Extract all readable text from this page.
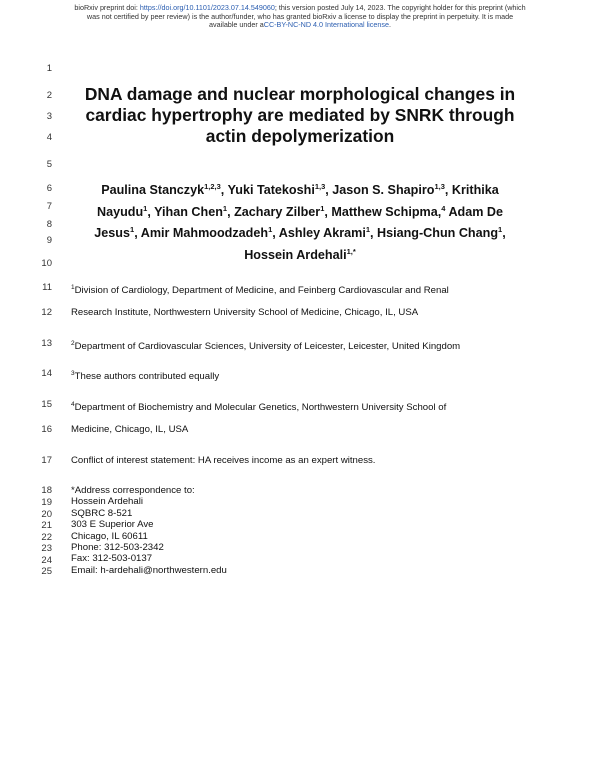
bioRxiv preprint doi: https://doi.org/10.1101/2023.07.14.549060; this version posted July 14, 2023. The copyright holder for this preprint (which
was not certified by peer review) is the author/funder, who has granted bioRxiv a license to display the preprint in perpetuity. It is made
available under aCC-BY-NC-ND 4.0 International license.
1
2
3
4
5
6
7
8
9
10
11
12
13
14
15
16
17
18
19
20
21
22
23
24
25
DNA damage and nuclear morphological changes in
cardiac hypertrophy are mediated by SNRK through
actin depolymerization
Paulina Stanczyk$^{1,2,3}$, Yuki Tatekoshi$^{1,3}$, Jason S. Shapiro$^{1,3}$, Krithika
Nayudu$^1$, Yihan Chen$^1$, Zachary Zilber$^1$, Matthew Schipma,$^4$ Adam De
Jesus$^1$, Amir Mahmoodzadeh$^1$, Ashley Akrami$^1$, Hsiang-Chun Chang$^1$,
Hossein Ardehali$^{1,*}$
$^1$Division of Cardiology, Department of Medicine, and Feinberg Cardiovascular and Renal
Research Institute, Northwestern University School of Medicine, Chicago, IL, USA
$^2$Department of Cardiovascular Sciences, University of Leicester, Leicester, United Kingdom
$^3$These authors contributed equally
$^4$Department of Biochemistry and Molecular Genetics, Northwestern University School of
Medicine, Chicago, IL, USA
Conflict of interest statement: HA receives income as an expert witness.
*Address correspondence to:
Hossein Ardehali
SQBRC 8-521
303 E Superior Ave
Chicago, IL 60611
Phone: 312-503-2342
Fax: 312-503-0137
Email: h-ardehali@northwestern.edu
